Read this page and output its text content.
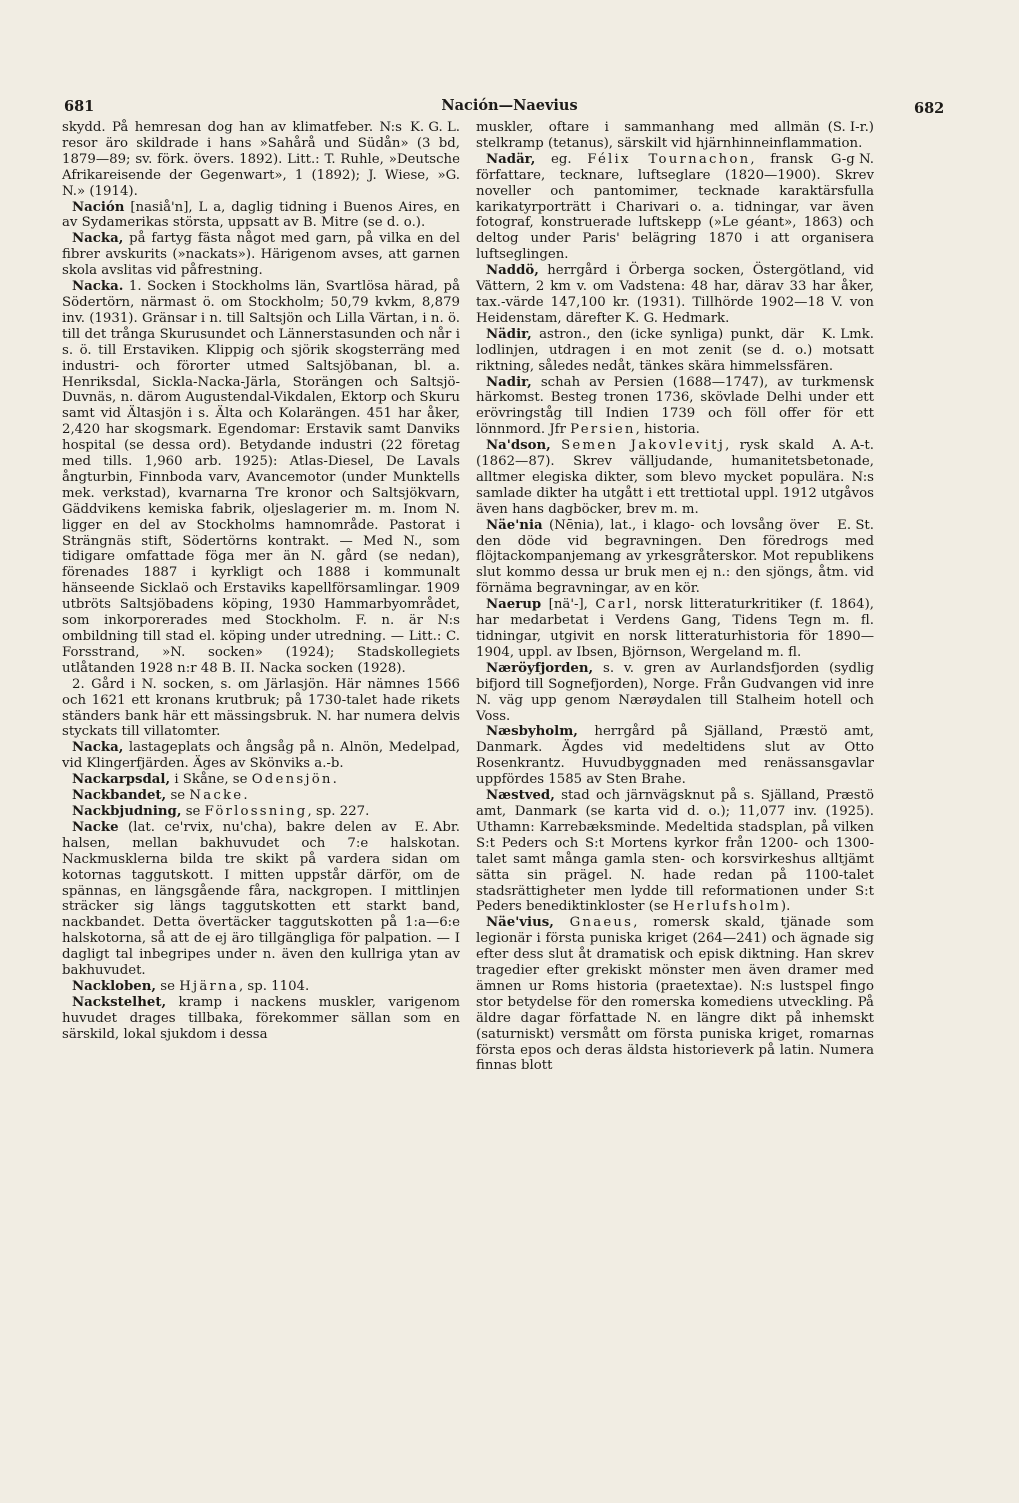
681	Nación—Naevius	682

K. G. L.
skydd. På hemresan dog han av klimatfeber. N:s resor äro skildrade i hans »Sahårå und Südån» (3 bd, 1879—89; sv. förk. övers. 1892). Litt.: T. Ruhle, »Deutsche Afrikareisende der Gegenwart», 1 (1892); J. Wiese, »G. N.» (1914).

Nación [nasiå'n], L a, daglig tidning i Buenos Aires, en av Sydamerikas största, uppsatt av B. Mitre (se d. o.).

Nacka, på fartyg fästa något med garn, på vilka en del fibrer avskurits (»nackats»). Härigenom avses, att garnen skola avslitas vid påfrestning.

Nacka. 1. Socken i Stockholms län, Svartlösa härad, på Södertörn, närmast ö. om Stockholm; 50,79 kvkm, 8,879 inv. (1931). Gränsar i n. till Saltsjön och Lilla Värtan, i n. ö. till det trånga Skurusundet och Lännerstasunden och når i s. ö. till Erstaviken. Klippig och sjörik skogsterräng med industri- och förorter utmed Saltsjöbanan, bl. a. Henriksdal, Sickla-Nacka-Järla, Storängen och Saltsjö-Duvnäs, n. därom Augustendal-Vikdalen, Ektorp och Skuru samt vid Ältasjön i s. Älta och Kolarängen. 451 har åker, 2,420 har skogsmark. Egendomar: Erstavik samt Danviks hospital (se dessa ord). Betydande industri (22 företag med tills. 1,960 arb. 1925): Atlas-Diesel, De Lavals ångturbin, Finnboda varv, Avancemotor (under Munktells mek. verkstad), kvarnarna Tre kronor och Saltsjökvarn, Gäddvikens kemiska fabrik, oljeslagerier m. m. Inom N. ligger en del av Stockholms hamnområde. Pastorat i Strängnäs stift, Södertörns kontrakt. — Med N., som tidigare omfattade föga mer än N. gård (se nedan), förenades 1887 i kyrkligt och 1888 i kommunalt hänseende Sicklaö och Erstaviks kapellförsamlingar. 1909 utbröts Saltsjöbadens köping, 1930 Hammarbyområdet, som inkorporerades med Stockholm. F. n. är N:s ombildning till stad el. köping under utredning. — Litt.: C. Forsstrand, »N. socken» (1924); Stadskollegiets utlåtanden 1928 n:r 48 B. II. Nacka socken (1928).

2. Gård i N. socken, s. om Järlasjön. Här nämnes 1566 och 1621 ett kronans krutbruk; på 1730-talet hade rikets ständers bank här ett mässingsbruk. N. har numera delvis styckats till villatomter.

Nacka, lastageplats och ångsåg på n. Alnön, Medelpad, vid Klingerfjärden. Äges av Skönviks a.-b.

Nackarpsdal, i Skåne, se Odensjön.

Nackbandet, se Nacke.

Nackbjudning, se Förlossning, sp. 227.

E. Abr.
Nacke (lat. ce'rvix, nu'cha), bakre delen av halsen, mellan bakhuvudet och 7:e halskotan. Nackmusklerna bilda tre skikt på vardera sidan om kotornas taggutskott. I mitten uppstår därför, om de spännas, en längsgående fåra, nackgropen. I mittlinjen sträcker sig längs taggutskotten ett starkt band, nackbandet. Detta övertäcker taggutskotten på 1:a—6:e halskotorna, så att de ej äro tillgängliga för palpation. — I dagligt tal inbegripes under n. även den kullriga ytan av bakhuvudet.

Nackloben, se Hjärna, sp. 1104.

Nackstelhet, kramp i nackens muskler, varigenom huvudet drages tillbaka, förekommer sällan som en särskild, lokal sjukdom i dessa

(S. I-r.)
muskler, oftare i sammanhang med allmän stelkramp (tetanus), särskilt vid hjärnhinneinflammation.

G-g N.
Nadär, eg. Félix Tournachon, fransk författare, tecknare, luftseglare (1820—1900). Skrev noveller och pantomimer, tecknade karaktärsfulla karikatyrporträtt i Charivari o. a. tidningar, var även fotograf, konstruerade luftskepp (»Le géant», 1863) och deltog under Paris' belägring 1870 i att organisera luftseglingen.

Naddö, herrgård i Örberga socken, Östergötland, vid Vättern, 2 km v. om Vadstena: 48 har, därav 33 har åker, tax.-värde 147,100 kr. (1931). Tillhörde 1902—18 V. von Heidenstam, därefter K. G. Hedmark.

K. Lmk.
Nädir, astron., den (icke synliga) punkt, där lodlinjen, utdragen i en mot zenit (se d. o.) motsatt riktning, således nedåt, tänkes skära himmelssfären.

Nadir, schah av Persien (1688—1747), av turkmensk härkomst. Besteg tronen 1736, skövlade Delhi under ett erövringståg till Indien 1739 och föll offer för ett lönnmord. Jfr Persien, historia.

A. A-t.
Na'dson, Semen Jakovlevitj, rysk skald (1862—87). Skrev välljudande, humanitetsbetonade, alltmer elegiska dikter, som blevo mycket populära. N:s samlade dikter ha utgått i ett trettiotal uppl. 1912 utgåvos även hans dagböcker, brev m. m.

E. St.
Näe'nia (Nēnia), lat., i klago- och lovsång över den döde vid begravningen. Den föredrogs med flöjtackompanjemang av yrkesgråterskor. Mot republikens slut kommo dessa ur bruk men ej n.: den sjöngs, åtm. vid förnäma begravningar, av en kör.

Naerup [nä'-], Carl, norsk litteraturkritiker (f. 1864), har medarbetat i Verdens Gang, Tidens Tegn m. fl. tidningar, utgivit en norsk litteraturhistoria för 1890—1904, uppl. av Ibsen, Björnson, Wergeland m. fl.

Næröyfjorden, s. v. gren av Aurlandsfjorden (sydlig bifjord till Sognefjorden), Norge. Från Gudvangen vid inre N. väg upp genom Nærøydalen till Stalheim hotell och Voss.

Næsbyholm, herrgård på Själland, Præstö amt, Danmark. Ägdes vid medeltidens slut av Otto Rosenkrantz. Huvudbyggnaden med renässansgavlar uppfördes 1585 av Sten Brahe.

Næstved, stad och järnvägsknut på s. Själland, Præstö amt, Danmark (se karta vid d. o.); 11,077 inv. (1925). Uthamn: Karrebæksminde. Medeltida stadsplan, på vilken S:t Peders och S:t Mortens kyrkor från 1200- och 1300-talet samt många gamla sten- och korsvirkeshus alltjämt sätta sin prägel. N. hade redan på 1100-talet stadsrättigheter men lydde till reformationen under S:t Peders benediktinkloster (se Herlufsholm).

Näe'vius, Gnaeus, romersk skald, tjänade som legionär i första puniska kriget (264—241) och ägnade sig efter dess slut åt dramatisk och episk diktning. Han skrev tragedier efter grekiskt mönster men även dramer med ämnen ur Roms historia (praetextae). N:s lustspel fingo stor betydelse för den romerska komediens utveckling. På äldre dagar författade N. en längre dikt på inhemskt (saturniskt) versmått om första puniska kriget, romarnas första epos och deras äldsta historieverk på latin. Numera finnas blott
